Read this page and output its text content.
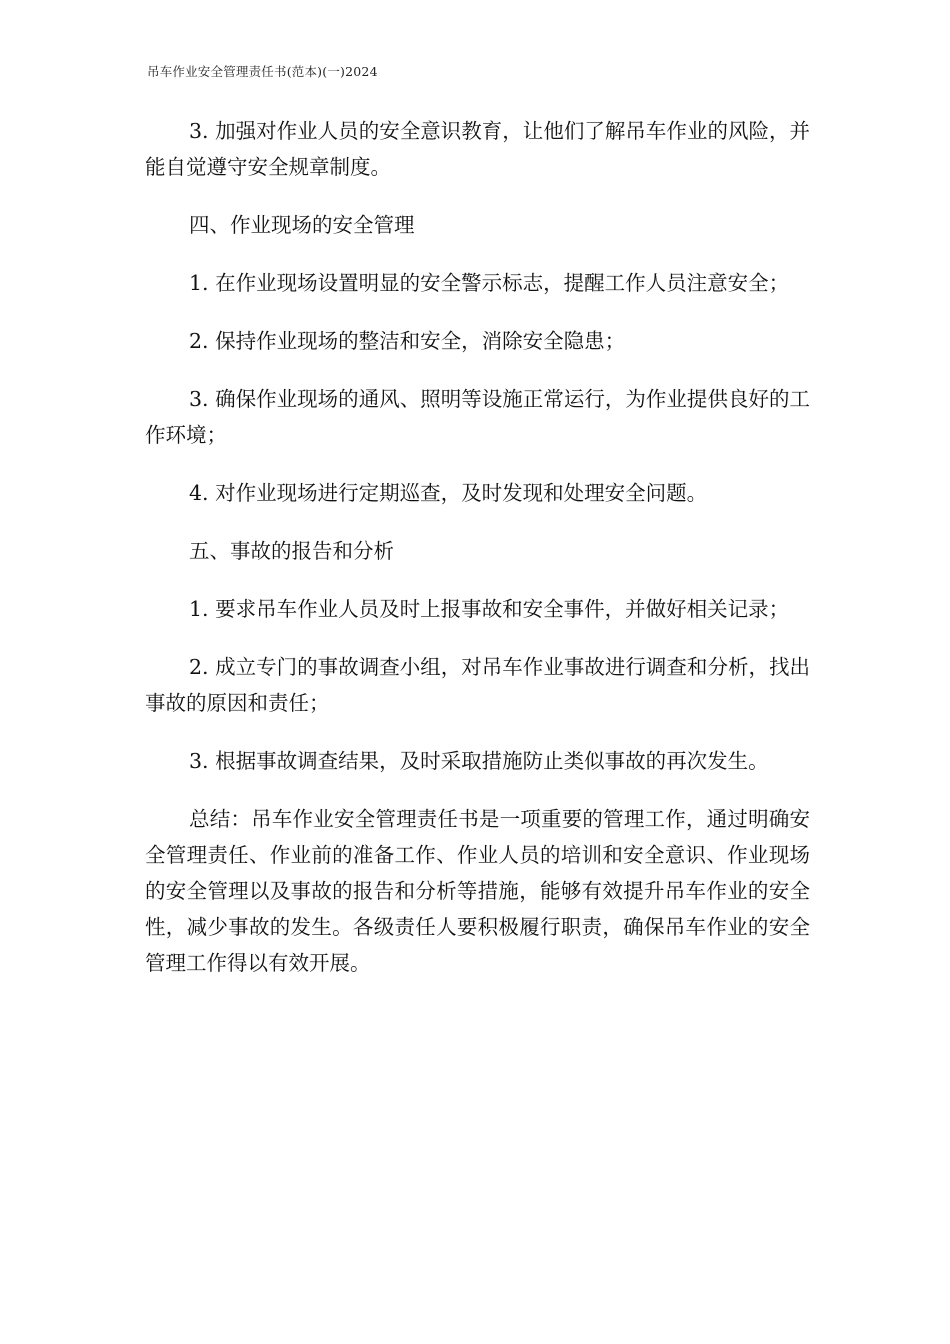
吊车作业安全管理责任书(范本)(一)2024

3. 加强对作业人员的安全意识教育，让他们了解吊车作业的风险，并能自觉遵守安全规章制度。

四、作业现场的安全管理

1. 在作业现场设置明显的安全警示标志，提醒工作人员注意安全；

2. 保持作业现场的整洁和安全，消除安全隐患；

3. 确保作业现场的通风、照明等设施正常运行，为作业提供良好的工作环境；

4. 对作业现场进行定期巡查，及时发现和处理安全问题。

五、事故的报告和分析

1. 要求吊车作业人员及时上报事故和安全事件，并做好相关记录；

2. 成立专门的事故调查小组，对吊车作业事故进行调查和分析，找出事故的原因和责任；

3. 根据事故调查结果，及时采取措施防止类似事故的再次发生。

总结：吊车作业安全管理责任书是一项重要的管理工作，通过明确安全管理责任、作业前的准备工作、作业人员的培训和安全意识、作业现场的安全管理以及事故的报告和分析等措施，能够有效提升吊车作业的安全性，减少事故的发生。各级责任人要积极履行职责，确保吊车作业的安全管理工作得以有效开展。
